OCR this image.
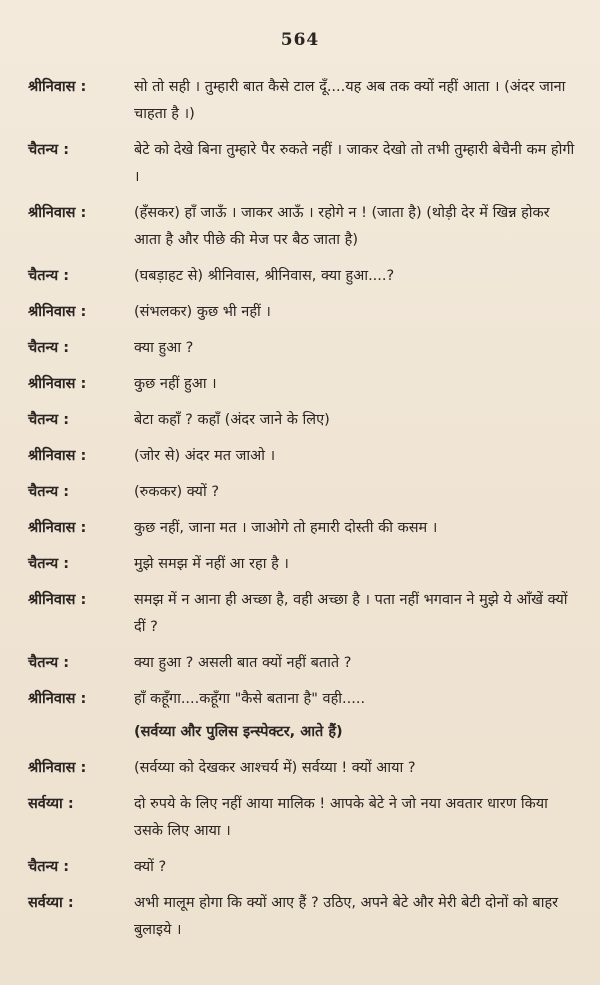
564
श्रीनिवास :	सो तो सही । तुम्हारी बात कैसे टाल दूँ....यह अब तक क्यों नहीं आता । (अंदर जाना चाहता है ।)
चैतन्य :	बेटे को देखे बिना तुम्हारे पैर रुकते नहीं । जाकर देखो तो तभी तुम्हारी बेचैनी कम होगी ।
श्रीनिवास :	(हँसकर) हाँ जाऊँ । जाकर आऊँ । रहोगे न ! (जाता है) (थोड़ी देर में खिन्न होकर आता है और पीछे की मेज पर बैठ जाता है)
चैतन्य :	(घबड़ाहट से) श्रीनिवास, श्रीनिवास, क्या हुआ....?
श्रीनिवास :	(संभलकर) कुछ भी नहीं ।
चैतन्य :	क्या हुआ ?
श्रीनिवास :	कुछ नहीं हुआ ।
चैतन्य :	बेटा कहाँ ? कहाँ (अंदर जाने के लिए)
श्रीनिवास :	(जोर से) अंदर मत जाओ ।
चैतन्य :	(रुककर) क्यों ?
श्रीनिवास :	कुछ नहीं, जाना मत । जाओगे तो हमारी दोस्ती की कसम ।
चैतन्य :	मुझे समझ में नहीं आ रहा है ।
श्रीनिवास :	समझ में न आना ही अच्छा है, वही अच्छा है । पता नहीं भगवान ने मुझे ये आँखें क्यों दीं ?
चैतन्य :	क्या हुआ ? असली बात क्यों नहीं बताते ?
श्रीनिवास :	हाँ कहूँगा....कहूँगा "कैसे बताना है" वही.....
(सर्वय्या और पुलिस इन्स्पेक्टर, आते हैं)
श्रीनिवास :	(सर्वय्या को देखकर आश्चर्य में) सर्वय्या ! क्यों आया ?
सर्वय्या :	दो रुपये के लिए नहीं आया मालिक ! आपके बेटे ने जो नया अवतार धारण किया उसके लिए आया ।
चैतन्य :	क्यों ?
सर्वय्या :	अभी मालूम होगा कि क्यों आए हैं ? उठिए, अपने बेटे और मेरी बेटी दोनों को बाहर बुलाइये ।
